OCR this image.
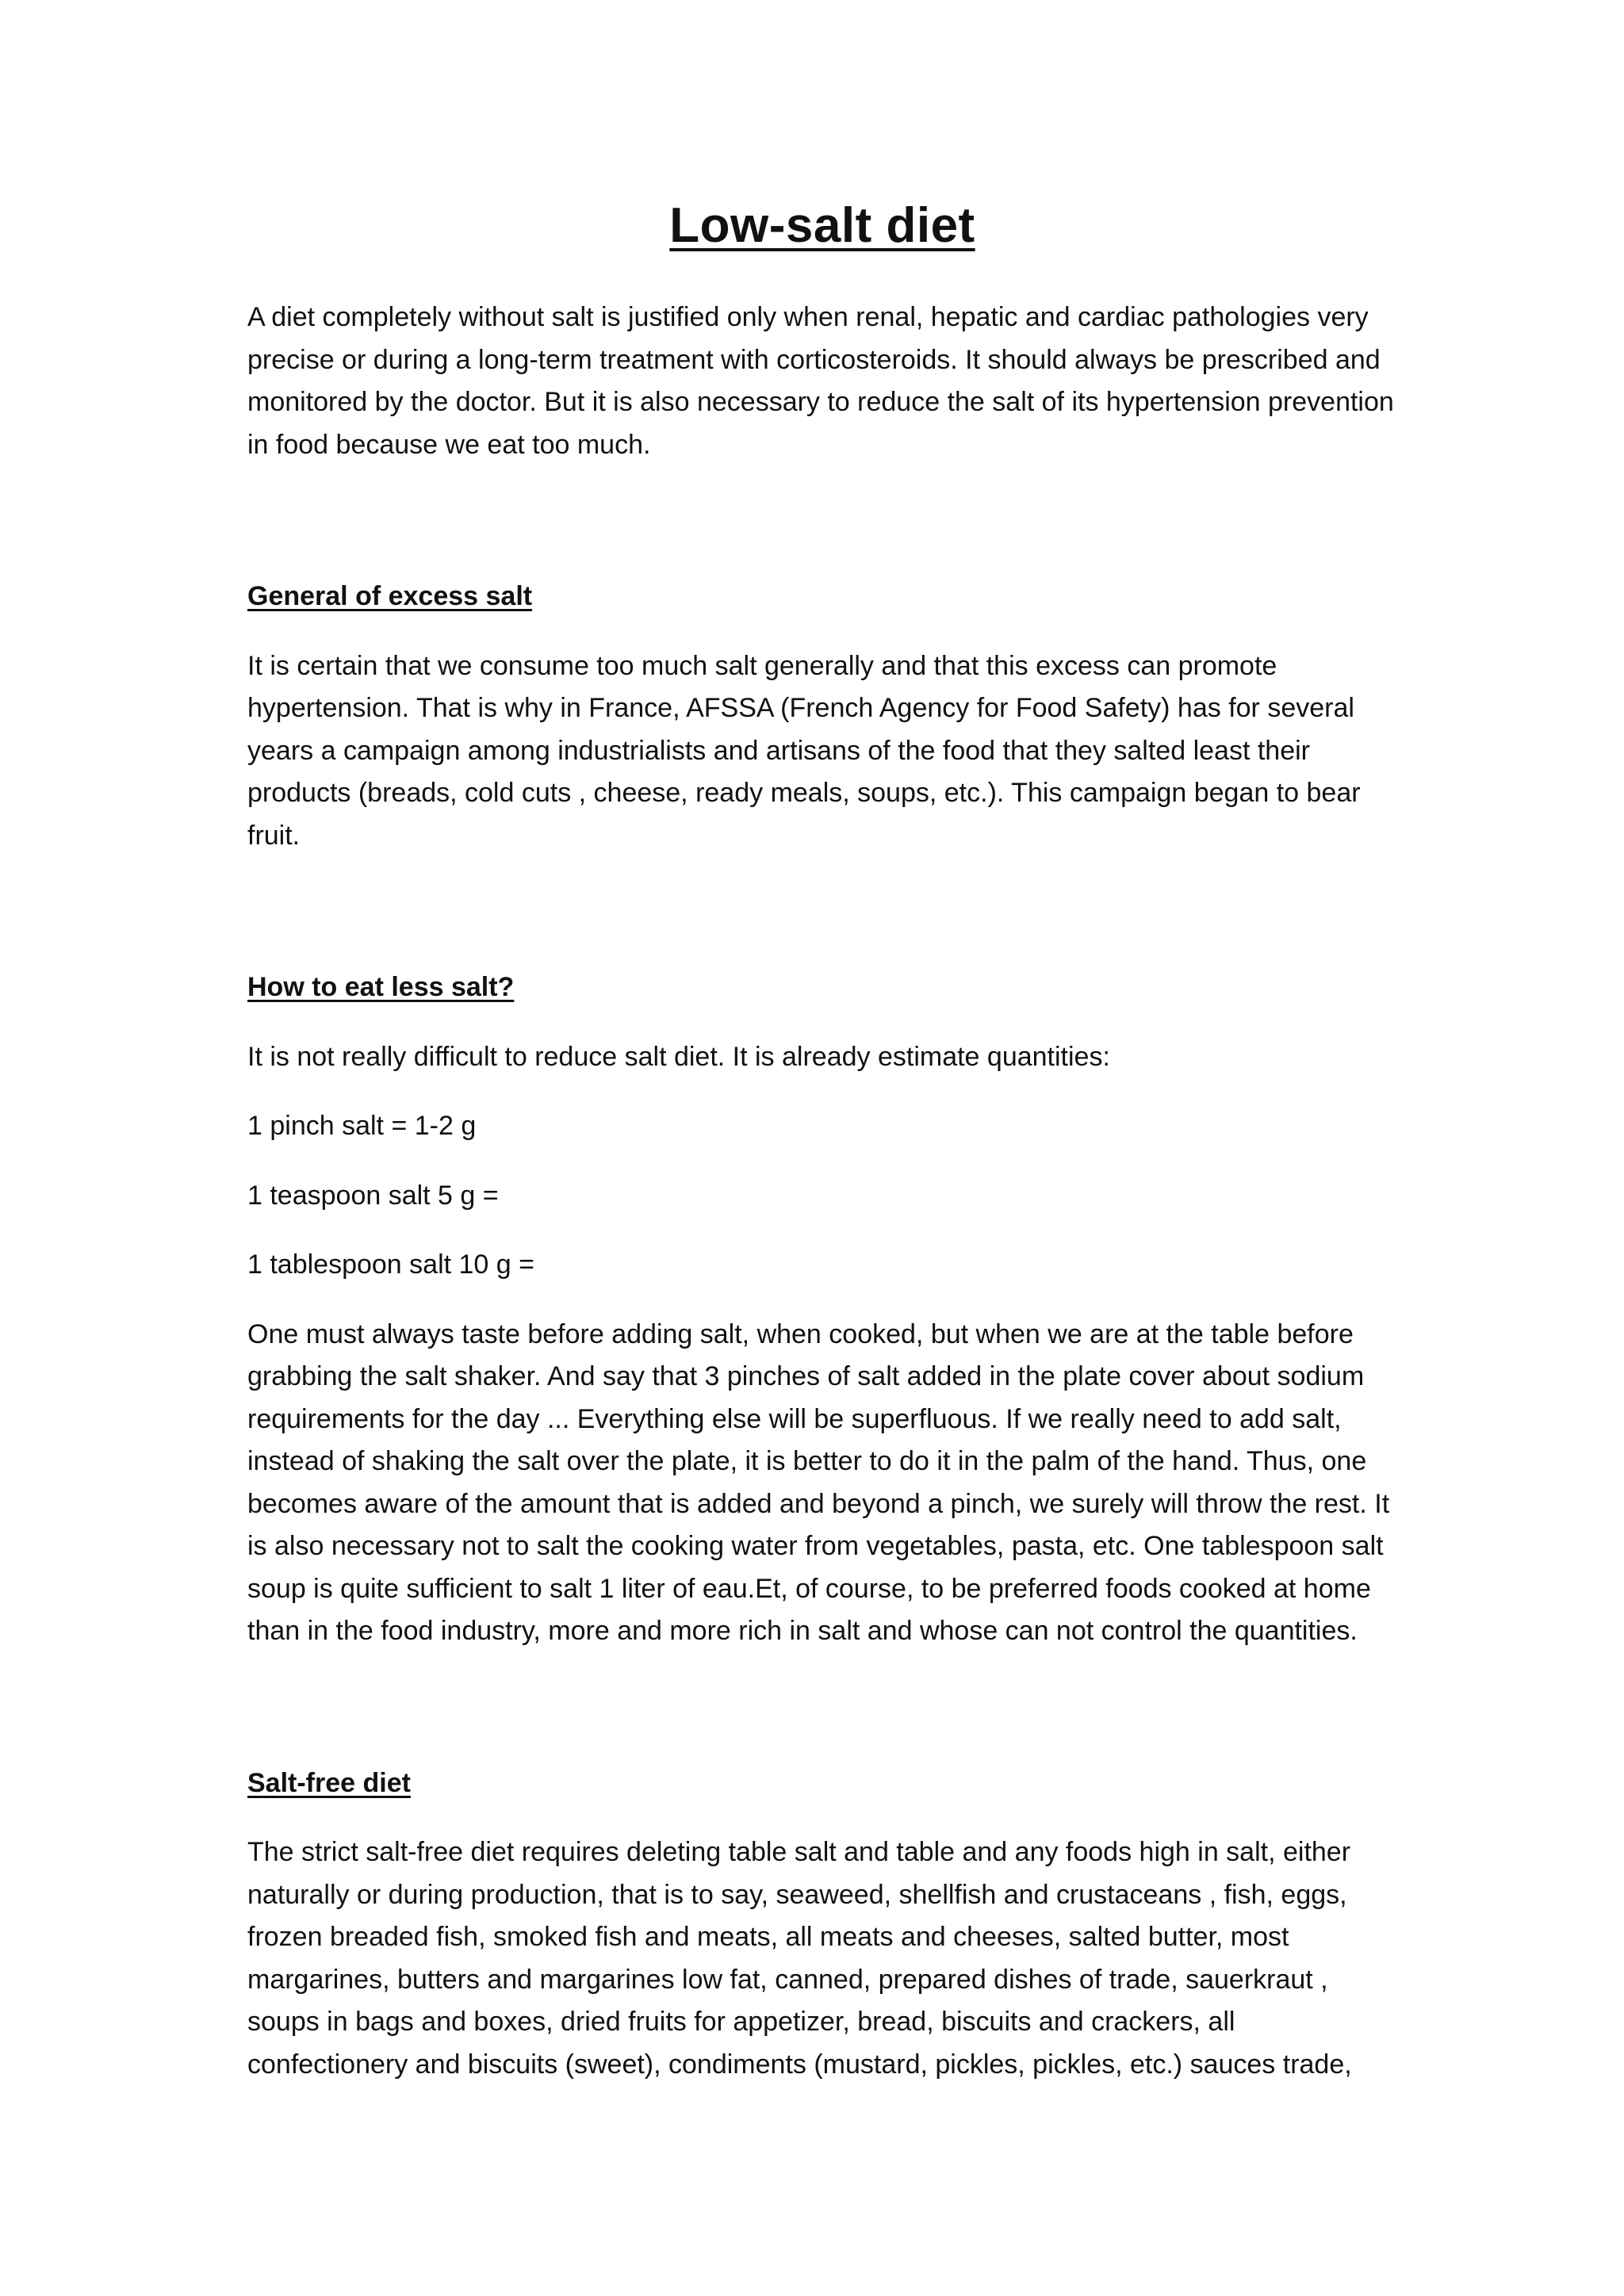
Low-salt diet

A diet completely without salt is justified only when renal, hepatic and cardiac pathologies very precise or during a long-term treatment with corticosteroids. It should always be prescribed and monitored by the doctor. But it is also necessary to reduce the salt of its hypertension prevention in food because we eat too much.

General of excess salt

It is certain that we consume too much salt generally and that this excess can promote hypertension. That is why in France, AFSSA (French Agency for Food Safety) has for several years a campaign among industrialists and artisans of the food that they salted least their products (breads, cold cuts , cheese, ready meals, soups, etc.). This campaign began to bear fruit.

How to eat less salt?

It is not really difficult to reduce salt diet. It is already estimate quantities:

1 pinch salt = 1-2 g

1 teaspoon salt 5 g =

1 tablespoon salt 10 g =

One must always taste before adding salt, when cooked, but when we are at the table before grabbing the salt shaker. And say that 3 pinches of salt added in the plate cover about sodium requirements for the day ... Everything else will be superfluous. If we really need to add salt, instead of shaking the salt over the plate, it is better to do it in the palm of the hand. Thus, one becomes aware of the amount that is added and beyond a pinch, we surely will throw the rest. It is also necessary not to salt the cooking water from vegetables, pasta, etc. One tablespoon salt soup is quite sufficient to salt 1 liter of eau.Et, of course, to be preferred foods cooked at home than in the food industry, more and more rich in salt and whose can not control the quantities.

Salt-free diet

The strict salt-free diet requires deleting table salt and table and any foods high in salt, either naturally or during production, that is to say, seaweed, shellfish and crustaceans , fish, eggs, frozen breaded fish, smoked fish and meats, all meats and cheeses, salted butter, most margarines, butters and margarines low fat, canned, prepared dishes of trade, sauerkraut , soups in bags and boxes, dried fruits for appetizer, bread, biscuits and crackers, all confectionery and biscuits (sweet), condiments (mustard, pickles, pickles, etc.) sauces trade,
